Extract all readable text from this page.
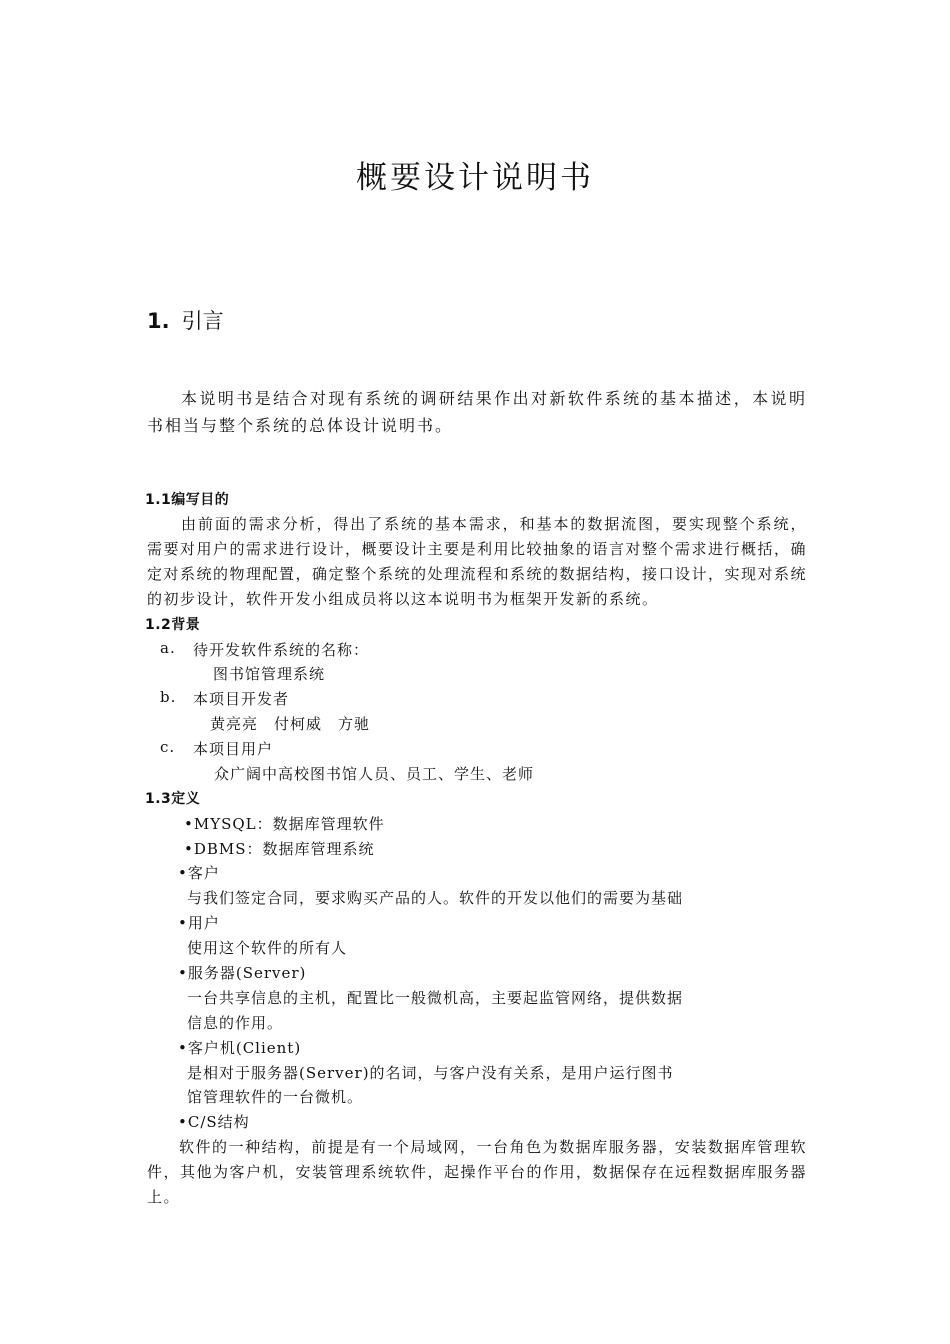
概要设计说明书
1. 引言

本说明书是结合对现有系统的调研结果作出对新软件系统的基本描述，本说明书相当与整个系统的总体设计说明书。

1.1编写目的

由前面的需求分析，得出了系统的基本需求，和基本的数据流图，要实现整个系统，需要对用户的需求进行设计，概要设计主要是利用比较抽象的语言对整个需求进行概括，确定对系统的物理配置，确定整个系统的处理流程和系统的数据结构，接口设计，实现对系统的初步设计，软件开发小组成员将以这本说明书为框架开发新的系统。

1.2背景
a. 待开发软件系统的名称：
图书馆管理系统
b. 本项目开发者
黄亮亮　付柯威　方驰
c. 本项目用户
众广阔中高校图书馆人员、员工、学生、老师
1.3定义
•MYSQL：数据库管理软件
•DBMS：数据库管理系统
•客户
与我们签定合同，要求购买产品的人。软件的开发以他们的需要为基础
•用户
使用这个软件的所有人
•服务器(Server)
一台共享信息的主机，配置比一般微机高，主要起监管网络，提供数据
信息的作用。
•客户机(Client)
是相对于服务器(Server)的名词，与客户没有关系，是用户运行图书
馆管理软件的一台微机。
•C/S结构

软件的一种结构，前提是有一个局域网，一台角色为数据库服务器，安装数据库管理软件，其他为客户机，安装管理系统软件，起操作平台的作用，数据保存在远程数据库服务器上。
